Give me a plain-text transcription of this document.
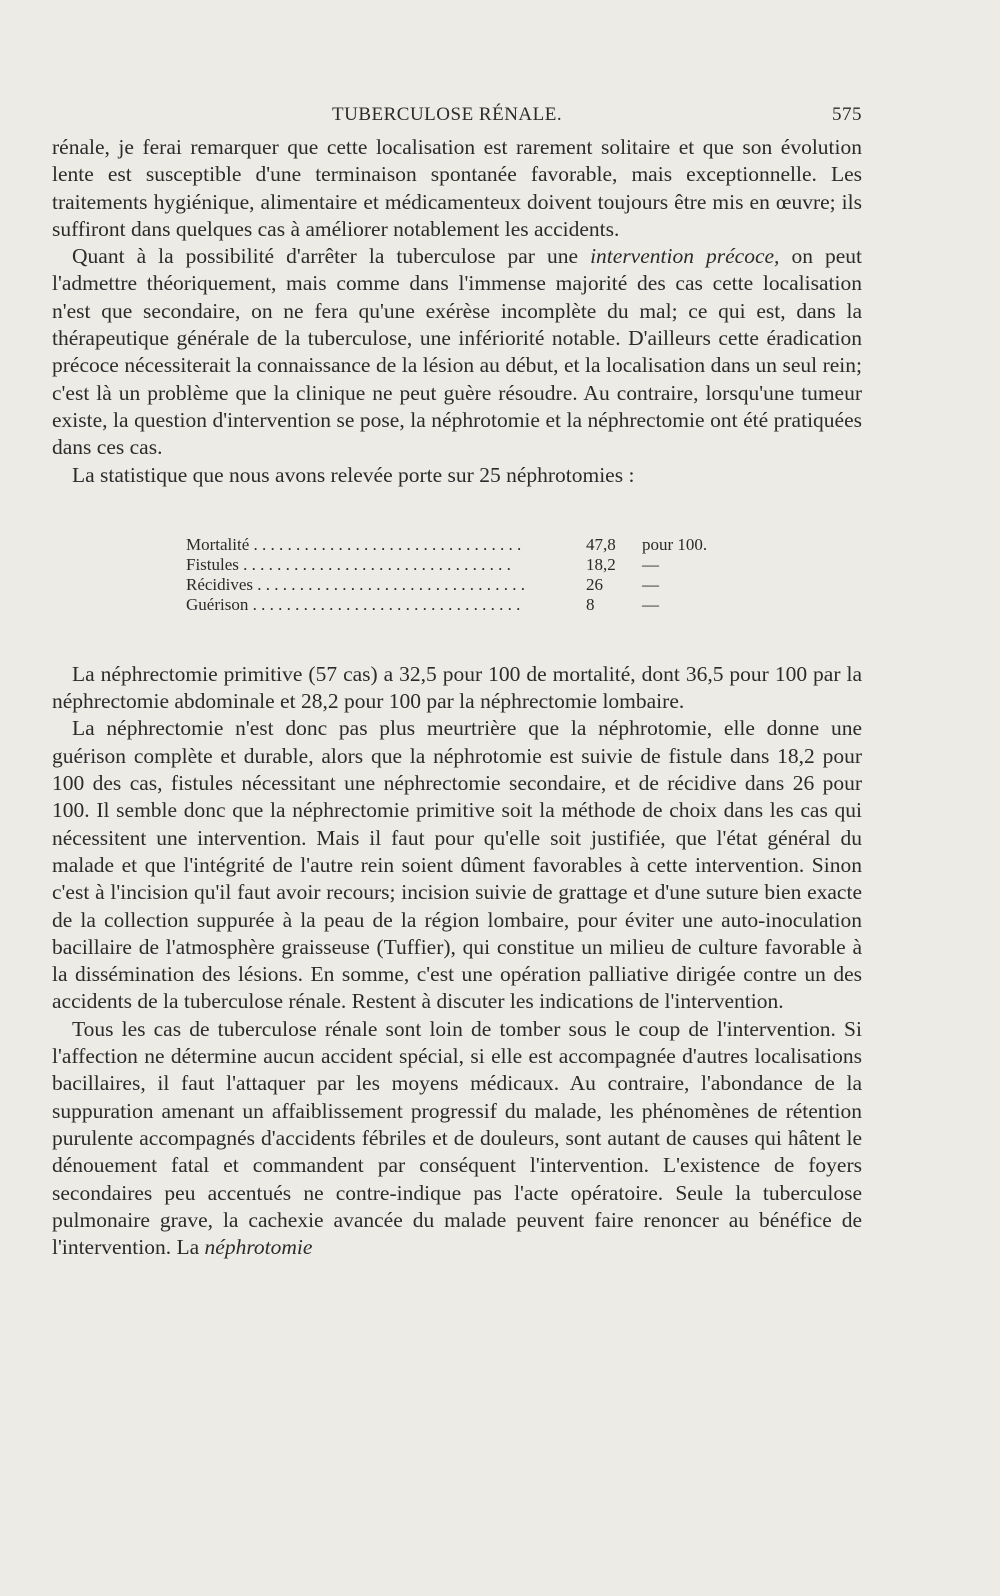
TUBERCULOSE RÉNALE.	575

rénale, je ferai remarquer que cette localisation est rarement solitaire et que son évolution lente est susceptible d'une terminaison spontanée favorable, mais exceptionnelle. Les traitements hygiénique, alimentaire et médicamenteux doivent toujours être mis en œuvre; ils suffiront dans quelques cas à améliorer notablement les accidents.

Quant à la possibilité d'arrêter la tuberculose par une intervention précoce, on peut l'admettre théoriquement, mais comme dans l'immense majorité des cas cette localisation n'est que secondaire, on ne fera qu'une exérèse incomplète du mal; ce qui est, dans la thérapeutique générale de la tuberculose, une infériorité notable. D'ailleurs cette éradication précoce nécessiterait la connaissance de la lésion au début, et la localisation dans un seul rein; c'est là un problème que la clinique ne peut guère résoudre. Au contraire, lorsqu'une tumeur existe, la question d'intervention se pose, la néphrotomie et la néphrectomie ont été pratiquées dans ces cas.

La statistique que nous avons relevée porte sur 25 néphrotomies :

Mortalité . . .	47,8	pour 100.
Fistules . . .	18,2	—
Récidives . . .	26	—
Guérison . . .	8	—

La néphrectomie primitive (57 cas) a 32,5 pour 100 de mortalité, dont 36,5 pour 100 par la néphrectomie abdominale et 28,2 pour 100 par la néphrectomie lombaire.

La néphrectomie n'est donc pas plus meurtrière que la néphrotomie, elle donne une guérison complète et durable, alors que la néphrotomie est suivie de fistule dans 18,2 pour 100 des cas, fistules nécessitant une néphrectomie secondaire, et de récidive dans 26 pour 100. Il semble donc que la néphrectomie primitive soit la méthode de choix dans les cas qui nécessitent une intervention. Mais il faut pour qu'elle soit justifiée, que l'état général du malade et que l'intégrité de l'autre rein soient dûment favorables à cette intervention. Sinon c'est à l'incision qu'il faut avoir recours; incision suivie de grattage et d'une suture bien exacte de la collection suppurée à la peau de la région lombaire, pour éviter une auto-inoculation bacillaire de l'atmosphère graisseuse (Tuffier), qui constitue un milieu de culture favorable à la dissémination des lésions. En somme, c'est une opération palliative dirigée contre un des accidents de la tuberculose rénale. Restent à discuter les indications de l'intervention.

Tous les cas de tuberculose rénale sont loin de tomber sous le coup de l'intervention. Si l'affection ne détermine aucun accident spécial, si elle est accompagnée d'autres localisations bacillaires, il faut l'attaquer par les moyens médicaux. Au contraire, l'abondance de la suppuration amenant un affaiblissement progressif du malade, les phénomènes de rétention purulente accompagnés d'accidents fébriles et de douleurs, sont autant de causes qui hâtent le dénouement fatal et commandent par conséquent l'intervention. L'existence de foyers secondaires peu accentués ne contre-indique pas l'acte opératoire. Seule la tuberculose pulmonaire grave, la cachexie avancée du malade peuvent faire renoncer au bénéfice de l'intervention. La néphrotomie
